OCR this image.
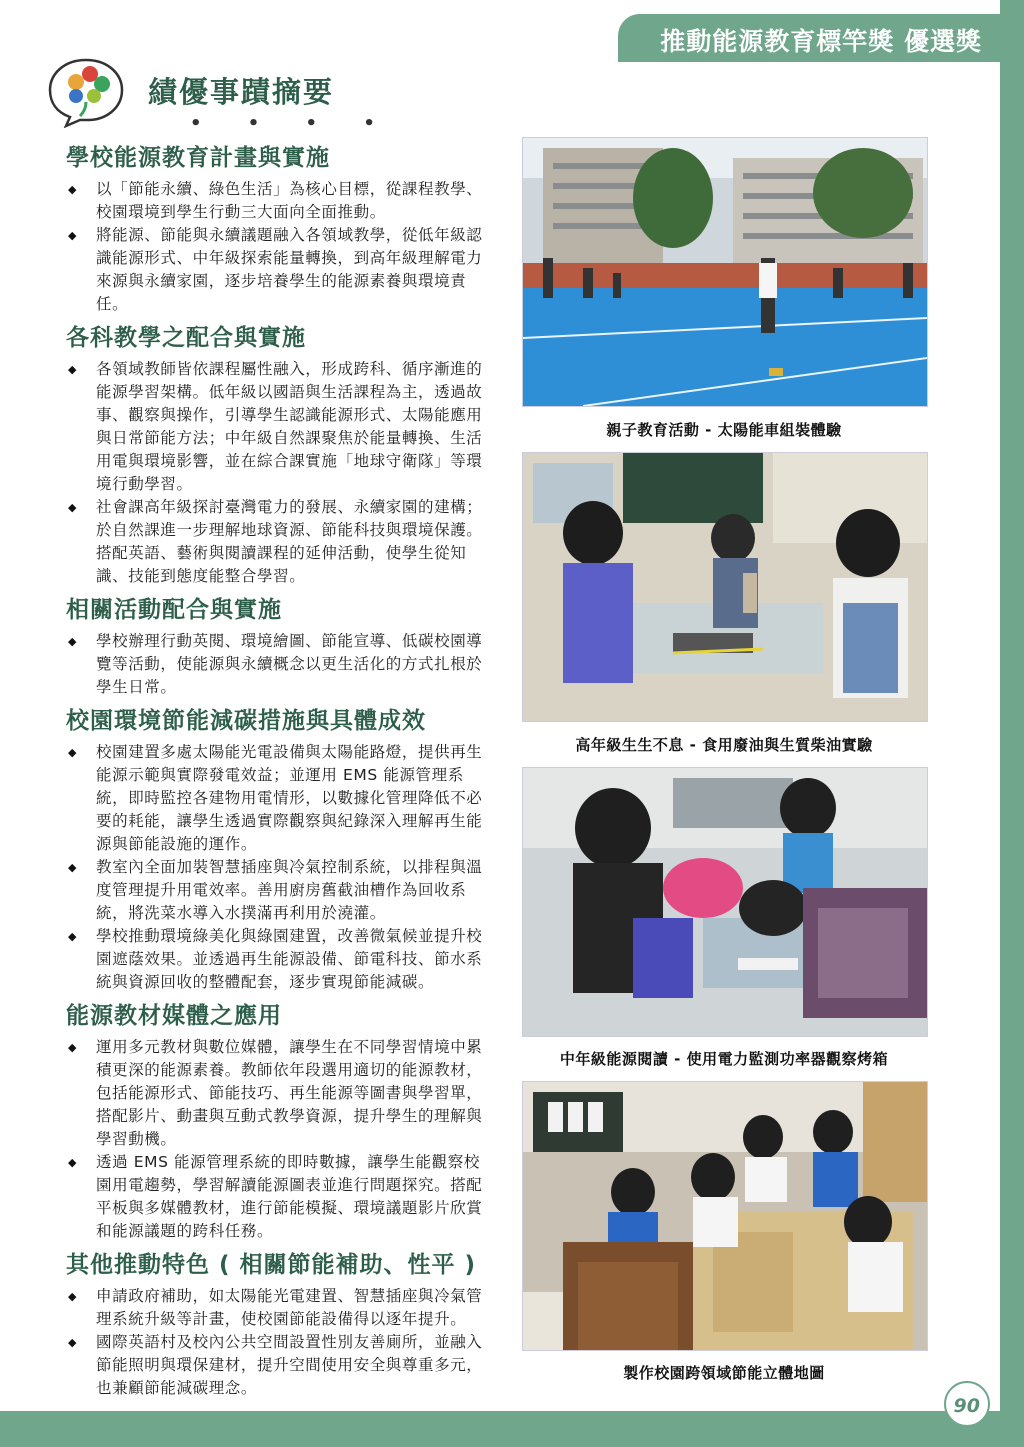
推動能源教育標竿獎 優選獎
績優事蹟摘要
• • • •
學校能源教育計畫與實施
◆ 以「節能永續、綠色生活」為核心目標，從課程教學、校園環境到學生行動三大面向全面推動。
◆ 將能源、節能與永續議題融入各領域教學，從低年級認識能源形式、中年級探索能量轉換，到高年級理解電力來源與永續家園，逐步培養學生的能源素養與環境責任。
各科教學之配合與實施
◆ 各領域教師皆依課程屬性融入，形成跨科、循序漸進的能源學習架構。低年級以國語與生活課程為主，透過故事、觀察與操作，引導學生認識能源形式、太陽能應用與日常節能方法；中年級自然課聚焦於能量轉換、生活用電與環境影響，並在綜合課實施「地球守衛隊」等環境行動學習。
◆ 社會課高年級探討臺灣電力的發展、永續家園的建構；於自然課進一步理解地球資源、節能科技與環境保護。搭配英語、藝術與閱讀課程的延伸活動，使學生從知識、技能到態度能整合學習。
相關活動配合與實施
◆ 學校辦理行動英閱、環境繪圖、節能宣導、低碳校園導覽等活動，使能源與永續概念以更生活化的方式扎根於學生日常。
校園環境節能減碳措施與具體成效
◆ 校園建置多處太陽能光電設備與太陽能路燈，提供再生能源示範與實際發電效益；並運用 EMS 能源管理系統，即時監控各建物用電情形，以數據化管理降低不必要的耗能，讓學生透過實際觀察與紀錄深入理解再生能源與節能設施的運作。
◆ 教室內全面加裝智慧插座與冷氣控制系統，以排程與溫度管理提升用電效率。善用廚房舊截油槽作為回收系統，將洗菜水導入水撲滿再利用於澆灌。
◆ 學校推動環境綠美化與綠園建置，改善微氣候並提升校園遮蔭效果。並透過再生能源設備、節電科技、節水系統與資源回收的整體配套，逐步實現節能減碳。
能源教材媒體之應用
◆ 運用多元教材與數位媒體，讓學生在不同學習情境中累積更深的能源素養。教師依年段選用適切的能源教材，包括能源形式、節能技巧、再生能源等圖書與學習單，搭配影片、動畫與互動式教學資源，提升學生的理解與學習動機。
◆ 透過 EMS 能源管理系統的即時數據，讓學生能觀察校園用電趨勢，學習解讀能源圖表並進行問題探究。搭配平板與多媒體教材，進行節能模擬、環境議題影片欣賞和能源議題的跨科任務。
其他推動特色 ( 相關節能補助、性平 )
◆ 申請政府補助，如太陽能光電建置、智慧插座與冷氣管理系統升級等計畫，使校園節能設備得以逐年提升。
◆ 國際英語村及校內公共空間設置性別友善廁所，並融入節能照明與環保建材，提升空間使用安全與尊重多元，也兼顧節能減碳理念。
親子教育活動 - 太陽能車組裝體驗
高年級生生不息 - 食用廢油與生質柴油實驗
中年級能源閱讀 - 使用電力監測功率器觀察烤箱
製作校園跨領域節能立體地圖
90
